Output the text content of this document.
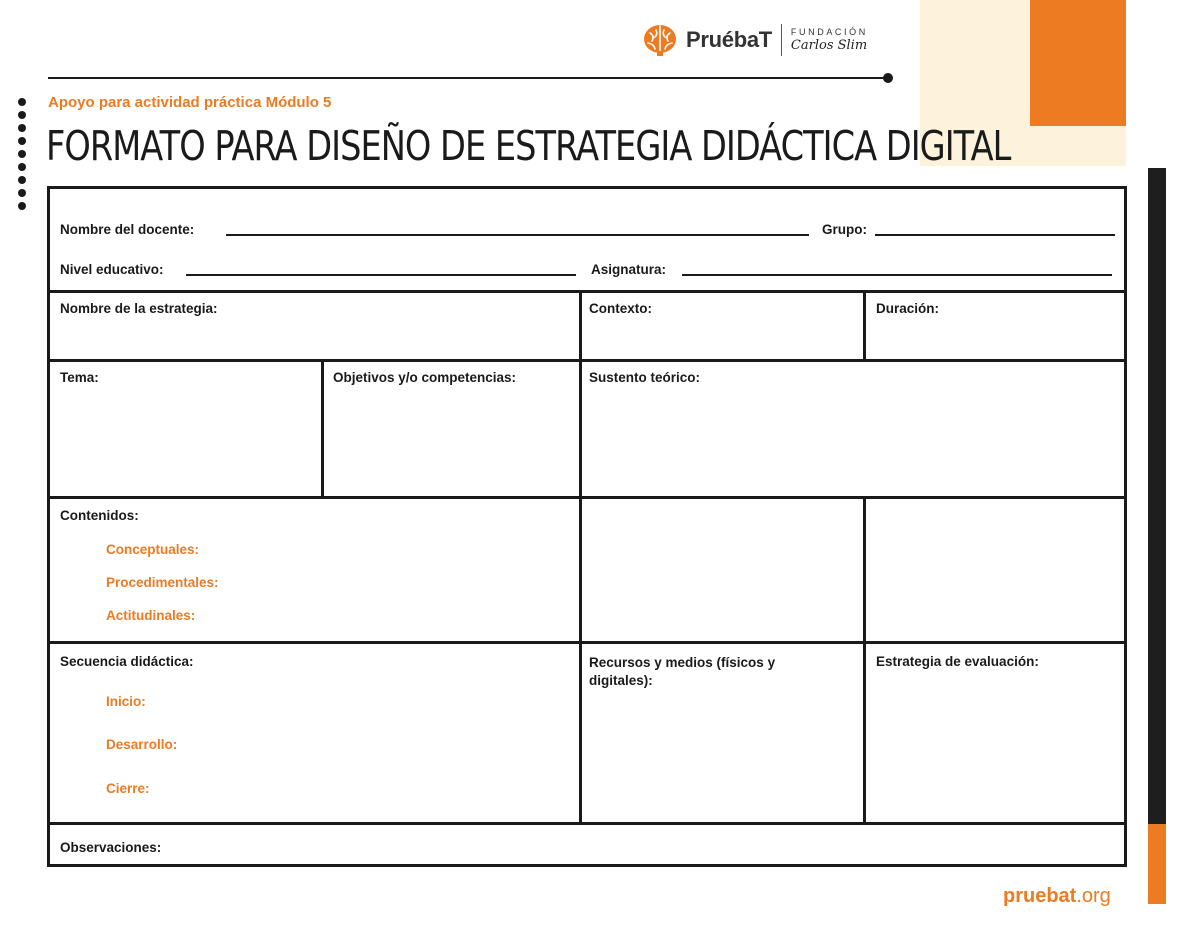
PruébaT FUNDACIÓN
Carlos Slim
Apoyo para actividad práctica Módulo 5
FORMATO PARA DISEÑO DE ESTRATEGIA DIDÁCTICA DIGITAL
Nombre del docente:	Grupo:
Nivel educativo:	Asignatura:
Nombre de la estrategia:	Contexto:	Duración:
Tema:	Objetivos y/o competencias:	Sustento teórico:
Contenidos:
Conceptuales:
Procedimentales:
Actitudinales:
Secuencia didáctica:
Inicio:
Desarrollo:
Cierre:
Recursos y medios (físicos y digitales):
Estrategia de evaluación:
Observaciones:
pruebat.org
